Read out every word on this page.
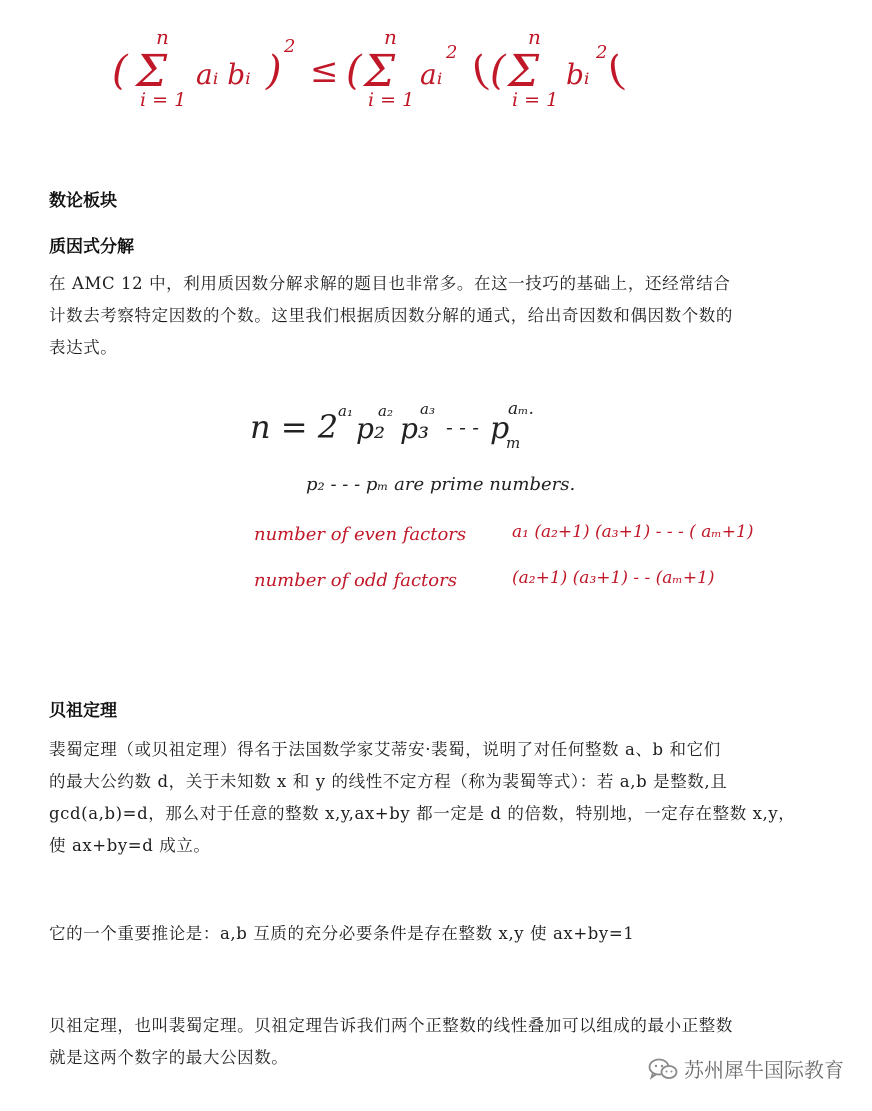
( Σ
n
i = 1
aᵢ bᵢ )
2
≤ ( Σ
n
i = 1
aᵢ
2 ) ( Σ
n
i = 1
bᵢ
2 )
数论板块
质因式分解

在 AMC 12 中，利用质因数分解求解的题目也非常多。在这一技巧的基础上，还经常结合
计数去考察特定因数的个数。这里我们根据质因数分解的通式，给出奇因数和偶因数个数的
表达式。

n = 2 a₁
p₂
a₂
p₃
a₃
- - - p
m
aₘ.
p₂ - - - pₘ are prime numbers.
number of even factors	a₁ (a₂+1) (a₃+1) - - - ( aₘ+1)
number of odd factors	(a₂+1) (a₃+1) - - (aₘ+1)
贝祖定理

裴蜀定理（或贝祖定理）得名于法国数学家艾蒂安·裴蜀，说明了对任何整数 a、b 和它们
的最大公约数 d，关于未知数 x 和 y 的线性不定方程（称为裴蜀等式）：若 a,b 是整数,且
gcd(a,b)=d，那么对于任意的整数 x,y,ax+by 都一定是 d 的倍数，特别地，一定存在整数 x,y，
使 ax+by=d 成立。

它的一个重要推论是：a,b 互质的充分必要条件是存在整数 x,y 使 ax+by=1

贝祖定理，也叫裴蜀定理。贝祖定理告诉我们两个正整数的线性叠加可以组成的最小正整数
就是这两个数字的最大公因数。

苏州犀牛国际教育
